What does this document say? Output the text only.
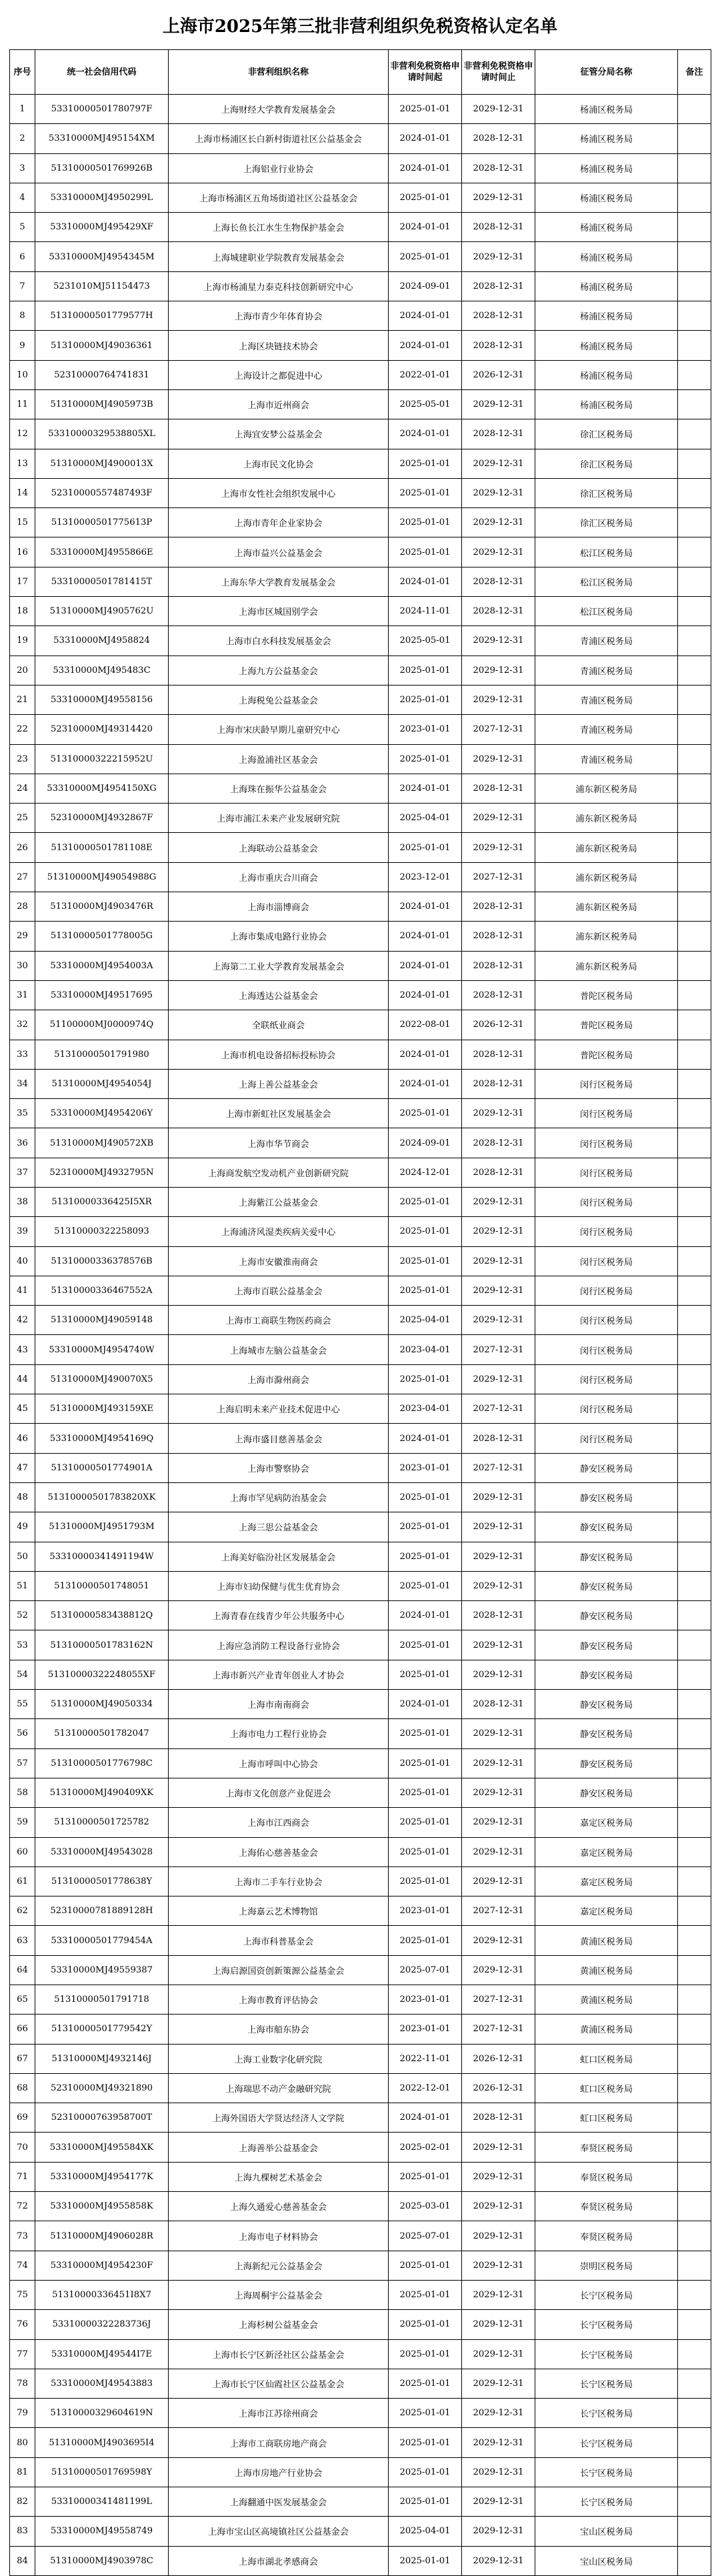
上海市2025年第三批非营利组织免税资格认定名单
序号	统一社会信用代码	非营利组织名称	非营利免税资格申请时间起	非营利免税资格申请时间止	征管分局名称	备注
1	53310000501780797F	上海财经大学教育发展基金会	2025-01-01	2029-12-31	杨浦区税务局	
2	53310000MJ495154XM	上海市杨浦区长白新村街道社区公益基金会	2024-01-01	2028-12-31	杨浦区税务局	
3	51310000501769926B	上海铝业行业协会	2024-01-01	2028-12-31	杨浦区税务局	
4	53310000MJ4950299L	上海市杨浦区五角场街道社区公益基金会	2025-01-01	2029-12-31	杨浦区税务局	
5	53310000MJ495429XF	上海长鱼长江水生生物保护基金会	2024-01-01	2028-12-31	杨浦区税务局	
6	53310000MJ4954345M	上海城建职业学院教育发展基金会	2025-01-01	2029-12-31	杨浦区税务局	
7	5231010MJ51154473	上海市杨浦星力泰克科技创新研究中心	2024-09-01	2028-12-31	杨浦区税务局	
8	51310000501779577H	上海市青少年体育协会	2024-01-01	2028-12-31	杨浦区税务局	
9	51310000MJ49036361	上海区块链技术协会	2024-01-01	2028-12-31	杨浦区税务局	
10	52310000764741831	上海设计之都促进中心	2022-01-01	2026-12-31	杨浦区税务局	
11	51310000MJ4905973B	上海市近州商会	2025-05-01	2029-12-31	杨浦区税务局	
12	53310000329538805XL	上海宜安梦公益基金会	2024-01-01	2028-12-31	徐汇区税务局	
13	51310000MJ4900013X	上海市民文化协会	2025-01-01	2029-12-31	徐汇区税务局	
14	52310000557487493F	上海市女性社会组织发展中心	2025-01-01	2029-12-31	徐汇区税务局	
15	51310000501775613P	上海市青年企业家协会	2025-01-01	2029-12-31	徐汇区税务局	
16	53310000MJ4955866E	上海市益兴公益基金会	2025-01-01	2029-12-31	松江区税务局	
17	53310000501781415T	上海东华大学教育发展基金会	2024-01-01	2028-12-31	松江区税务局	
18	51310000MJ4905762U	上海市区城国别学会	2024-11-01	2028-12-31	松江区税务局	
19	53310000MJ4958824	上海市白水科技发展基金会	2025-05-01	2029-12-31	青浦区税务局	
20	53310000MJ495483C	上海九方公益基金会	2025-01-01	2029-12-31	青浦区税务局	
21	53310000MJ49558156	上海税兔公益基金会	2025-01-01	2029-12-31	青浦区税务局	
22	52310000MJ49314420	上海市宋庆龄早期儿童研究中心	2023-01-01	2027-12-31	青浦区税务局	
23	51310000322215952U	上海盈浦社区基金会	2025-01-01	2029-12-31	青浦区税务局	
24	53310000MJ4954150XG	上海珠在振华公益基金会	2024-01-01	2028-12-31	浦东新区税务局	
25	52310000MJ4932867F	上海市浦江未来产业发展研究院	2025-04-01	2029-12-31	浦东新区税务局	
26	51310000501781108E	上海联动公益基金会	2025-01-01	2029-12-31	浦东新区税务局	
27	51310000MJ49054988G	上海市重庆合川商会	2023-12-01	2027-12-31	浦东新区税务局	
28	51310000MJ4903476R	上海市淄博商会	2024-01-01	2028-12-31	浦东新区税务局	
29	51310000501778005G	上海市集成电路行业协会	2024-01-01	2028-12-31	浦东新区税务局	
30	53310000MJ4954003A	上海第二工业大学教育发展基金会	2024-01-01	2028-12-31	浦东新区税务局	
31	53310000MJ49517695	上海透达公益基金会	2024-01-01	2028-12-31	普陀区税务局	
32	51100000MJ0000974Q	全联纸业商会	2022-08-01	2026-12-31	普陀区税务局	
33	51310000501791980	上海市机电设备招标投标协会	2024-01-01	2028-12-31	普陀区税务局	
34	51310000MJ4954054J	上海上善公益基金会	2024-01-01	2028-12-31	闵行区税务局	
35	53310000MJ4954206Y	上海市新虹社区发展基金会	2025-01-01	2029-12-31	闵行区税务局	
36	51310000MJ490572XB	上海市华节商会	2024-09-01	2028-12-31	闵行区税务局	
37	52310000MJ4932795N	上海商发航空发动机产业创新研究院	2024-12-01	2028-12-31	闵行区税务局	
38	51310000336425I5XR	上海紫江公益基金会	2025-01-01	2029-12-31	闵行区税务局	
39	51310000322258093	上海浦济风湿类疾病关爱中心	2025-01-01	2029-12-31	闵行区税务局	
40	51310000336378576B	上海市安徽淮南商会	2025-01-01	2029-12-31	闵行区税务局	
41	51310000336467552A	上海市百联公益基金会	2025-01-01	2029-12-31	闵行区税务局	
42	51310000MJ49059148	上海市工商联生物医药商会	2025-04-01	2029-12-31	闵行区税务局	
43	53310000MJ4954740W	上海城市左脑公益基金会	2023-04-01	2027-12-31	闵行区税务局	
44	51310000MJ490070X5	上海市滁州商会	2025-01-01	2029-12-31	闵行区税务局	
45	51310000MJ493159XE	上海启明未来产业技术促进中心	2023-04-01	2027-12-31	闵行区税务局	
46	53310000MJ4954169Q	上海市盛目慈善基金会	2024-01-01	2028-12-31	闵行区税务局	
47	51310000501774901A	上海市警察协会	2023-01-01	2027-12-31	静安区税务局	
48	51310000501783820XK	上海市罕见病防治基金会	2025-01-01	2029-12-31	静安区税务局	
49	51310000MJ4951793M	上海三思公益基金会	2025-01-01	2029-12-31	静安区税务局	
50	53310000341491194W	上海美好临汾社区发展基金会	2025-01-01	2029-12-31	静安区税务局	
51	51310000501748051	上海市妇幼保健与优生优育协会	2025-01-01	2029-12-31	静安区税务局	
52	51310000583438812Q	上海青春在线青少年公共服务中心	2024-01-01	2028-12-31	静安区税务局	
53	51310000501783162N	上海应急消防工程设备行业协会	2025-01-01	2029-12-31	静安区税务局	
54	51310000322248055XF	上海市新兴产业青年创业人才协会	2025-01-01	2029-12-31	静安区税务局	
55	51310000MJ49050334	上海市南南商会	2024-01-01	2028-12-31	静安区税务局	
56	51310000501782047	上海市电力工程行业协会	2025-01-01	2029-12-31	静安区税务局	
57	51310000501776798C	上海市呼叫中心协会	2025-01-01	2029-12-31	静安区税务局	
58	51310000MJ490409XK	上海市文化创意产业促进会	2025-01-01	2029-12-31	静安区税务局	
59	51310000501725782	上海市江西商会	2025-01-01	2029-12-31	嘉定区税务局	
60	53310000MJ49543028	上海佑心慈善基金会	2025-01-01	2029-12-31	嘉定区税务局	
61	51310000501778638Y	上海市二手车行业协会	2025-01-01	2029-12-31	嘉定区税务局	
62	52310000781889128H	上海嘉云艺术博物馆	2023-01-01	2027-12-31	嘉定区税务局	
63	53310000501779454A	上海市科普基金会	2025-01-01	2029-12-31	黄浦区税务局	
64	53310000MJ49559387	上海启源国资创新策源公益基金会	2025-07-01	2029-12-31	黄浦区税务局	
65	51310000501791718	上海市教育评估协会	2023-01-01	2027-12-31	黄浦区税务局	
66	51310000501779542Y	上海市船东协会	2023-01-01	2027-12-31	黄浦区税务局	
67	51310000MJ4932146J	上海工业数字化研究院	2022-11-01	2026-12-31	虹口区税务局	
68	52310000MJ49321890	上海瑞思不动产金融研究院	2022-12-01	2026-12-31	虹口区税务局	
69	52310000763958700T	上海外国语大学贤达经济人文学院	2024-01-01	2028-12-31	虹口区税务局	
70	53310000MJ495584XK	上海善举公益基金会	2025-02-01	2029-12-31	奉贤区税务局	
71	53310000MJ4954177K	上海九棵树艺术基金会	2025-01-01	2029-12-31	奉贤区税务局	
72	53310000MJ4955858K	上海久通爱心慈善基金会	2025-03-01	2029-12-31	奉贤区税务局	
73	51310000MJ4906028R	上海市电子材料协会	2025-07-01	2029-12-31	奉贤区税务局	
74	53310000MJ4954230F	上海新纪元公益基金会	2025-01-01	2029-12-31	崇明区税务局	
75	51310000336451I8X7	上海周桐宇公益基金会	2025-01-01	2029-12-31	长宁区税务局	
76	53310000322283736J	上海杉树公益基金会	2025-01-01	2029-12-31	长宁区税务局	
77	53310000MJ49544I7E	上海市长宁区新泾社区公益基金会	2025-01-01	2029-12-31	长宁区税务局	
78	53310000MJ49543883	上海市长宁区仙霞社区公益基金会	2025-01-01	2029-12-31	长宁区税务局	
79	51310000329604619N	上海市江苏徐州商会	2025-01-01	2029-12-31	长宁区税务局	
80	51310000MJ4903695I4	上海市工商联房地产商会	2025-01-01	2029-12-31	长宁区税务局	
81	51310000501769598Y	上海市房地产行业协会	2025-01-01	2029-12-31	长宁区税务局	
82	53310000341481199L	上海翻通中医发展基金会	2025-01-01	2029-12-31	长宁区税务局	
83	53310000MJ49558749	上海市宝山区高境镇社区公益基金会	2025-04-01	2029-12-31	宝山区税务局	
84	51310000MJ4903978C	上海市湖北孝感商会	2025-01-01	2029-12-31	宝山区税务局	
